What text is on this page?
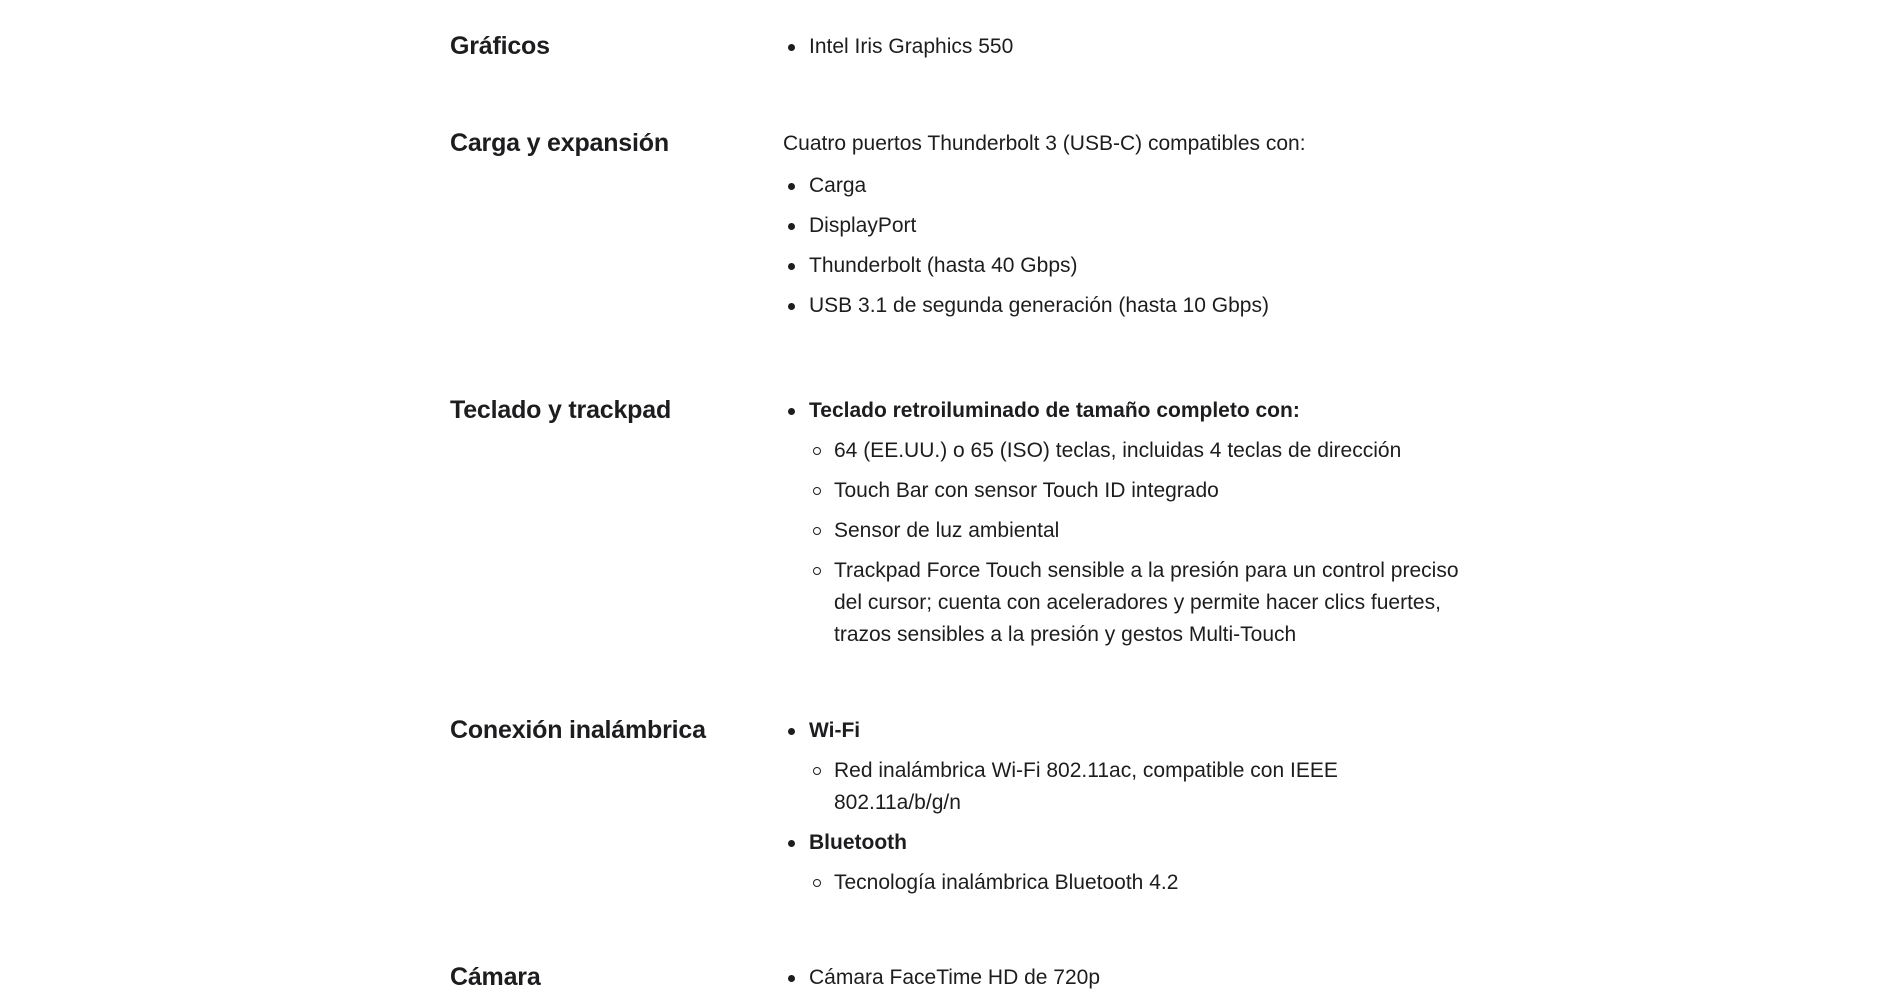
Gráficos	Intel Iris Graphics 550
Carga y expansión	Cuatro puertos Thunderbolt 3 (USB-C) compatibles con:

Carga
DisplayPort
Thunderbolt (hasta 40 Gbps)
USB 3.1 de segunda generación (hasta 10 Gbps)
Teclado y trackpad	Teclado retroiluminado de tamaño completo con:
64 (EE.UU.) o 65 (ISO) teclas, incluidas 4 teclas de dirección
Touch Bar con sensor Touch ID integrado
Sensor de luz ambiental
Trackpad Force Touch sensible a la presión para un control preciso del cursor; cuenta con aceleradores y permite hacer clics fuertes, trazos sensibles a la presión y gestos Multi-Touch
Conexión inalámbrica	Wi-Fi
Red inalámbrica Wi-Fi 802.11ac, compatible con IEEE 802.11a/b/g/n
Bluetooth
Tecnología inalámbrica Bluetooth 4.2
Cámara	Cámara FaceTime HD de 720p
